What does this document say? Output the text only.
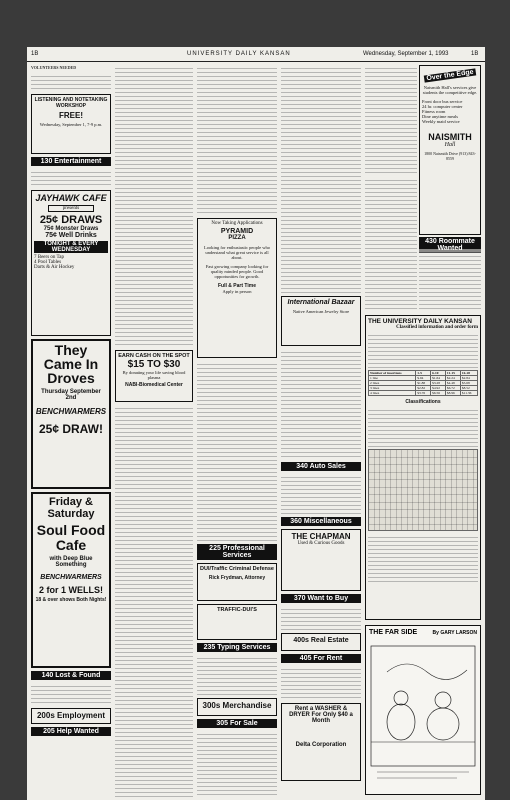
1B	UNIVERSITY DAILY KANSAN	Wednesday, September 1, 1993	1B
VOLUNTEERS NEEDED
LISTENING AND NOTETAKING WORKSHOP
FREE!
Wednesday, September 1, 7-9 p.m.
130 Entertainment
JAYHAWK CAFE
presents
25¢ DRAWS
75¢ Monster Draws
75¢ Well Drinks
TONIGHT & EVERY WEDNESDAY
7 Beers on Tap
4 Pool Tables
Darts & Air Hockey
They Came In Droves
Thursday September 2nd
BENCHWARMERS
25¢ DRAW!
Friday & Saturday
Soul Food Cafe
with Deep Blue Something
BENCHWARMERS
2 for 1 WELLS!
18 & over shows Both Nights!
140 Lost & Found
200s Employment
205 Help Wanted
EARN CASH ON THE SPOT
$15 TO $30
By donating your life saving blood plasma
NABI-Biomedical Center
Now Taking Applications
PYRAMID
PIZZA
Looking for enthusiastic people who understand what great service is all about.
Fast growing company looking for quality minded people. Good opportunities for growth.
Full & Part Time
Apply in person
225 Professional Services
DUI/Traffic Criminal Defense
Rick Frydman, Attorney
TRAFFIC-DUI'S
235 Typing Services
300s Merchandise
305 For Sale
International Bazaar
Native American Jewelry Store
340 Auto Sales
360 Miscellaneous
THE CHAPMAN
Used & Curious Goods
370 Want to Buy
400s Real Estate
405 For Rent
Rent a WASHER & DRYER For Only $40 a Month
Delta Corporation
Over the Edge
Naismith Hall's services give students the competitive edge.
Front door bus service
24 hr. computer center
Fitness room
Dine anytime meals
Weekly maid service
NAISMITH
Hall
1800 Naismith Drive (913) 843-8559
430 Roommate
THE UNIVERSITY DAILY KANSAN
Classified information and order form
Number of insertions	1-5	6-10	11-15	16-20
1 line	$.94	$1.64	$2.24	$2.84
2 lines	$1.88	$3.28	$4.48	$5.68
3 lines	$2.82	$4.92	$6.72	$8.52
4 lines	$3.76	$6.56	$8.96	$11.36
Classifications
THE FAR SIDE	By GARY LARSON
